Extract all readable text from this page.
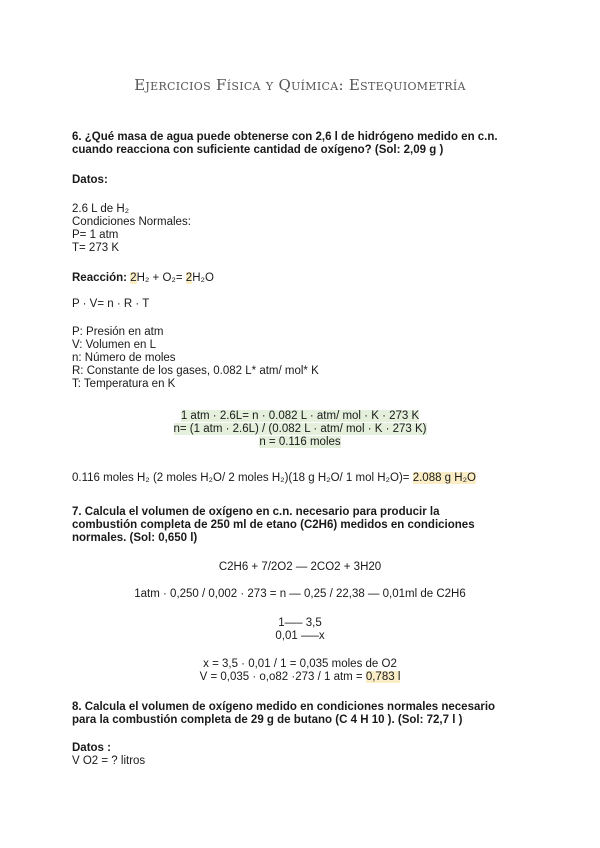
Ejercicios Física y Química: Estequiometría
6. ¿Qué masa de agua puede obtenerse con 2,6 l de hidrógeno medido en c.n.
cuando reacciona con suficiente cantidad de oxígeno? (Sol: 2,09 g )
Datos:
2.6 L de H₂
Condiciones Normales:
P= 1 atm
T= 273 K
Reacción: 2H₂ + O₂= 2H₂O
P · V= n · R · T
P: Presión en atm
V: Volumen en L
n: Número de moles
R: Constante de los gases, 0.082 L* atm/ mol* K
T: Temperatura en K
1 atm · 2.6L= n · 0.082 L · atm/ mol · K · 273 K
n= (1 atm · 2.6L) / (0.082 L · atm/ mol · K · 273 K)
n = 0.116 moles
0.116 moles H₂ (2 moles H₂O/ 2 moles H₂)(18 g H₂O/ 1 mol H₂O)= 2.088 g H₂O
7. Calcula el volumen de oxígeno en c.n. necesario para producir la
combustión completa de 250 ml de etano (C2H6) medidos en condiciones
normales. (Sol: 0,650 l)
C2H6 + 7/2O2 — 2CO2 + 3H20
1atm · 0,250 / 0,002 · 273 = n — 0,25 / 22,38 — 0,01ml de C2H6
1—– 3,5
0,01 —–x
x = 3,5 · 0,01 / 1 = 0,035 moles de O2
V = 0,035 · o,o82 ·273 / 1 atm = 0,783 l
8. Calcula el volumen de oxígeno medido en condiciones normales necesario
para la combustión completa de 29 g de butano (C 4 H 10 ). (Sol: 72,7 l )
Datos :
V O2 = ? litros
